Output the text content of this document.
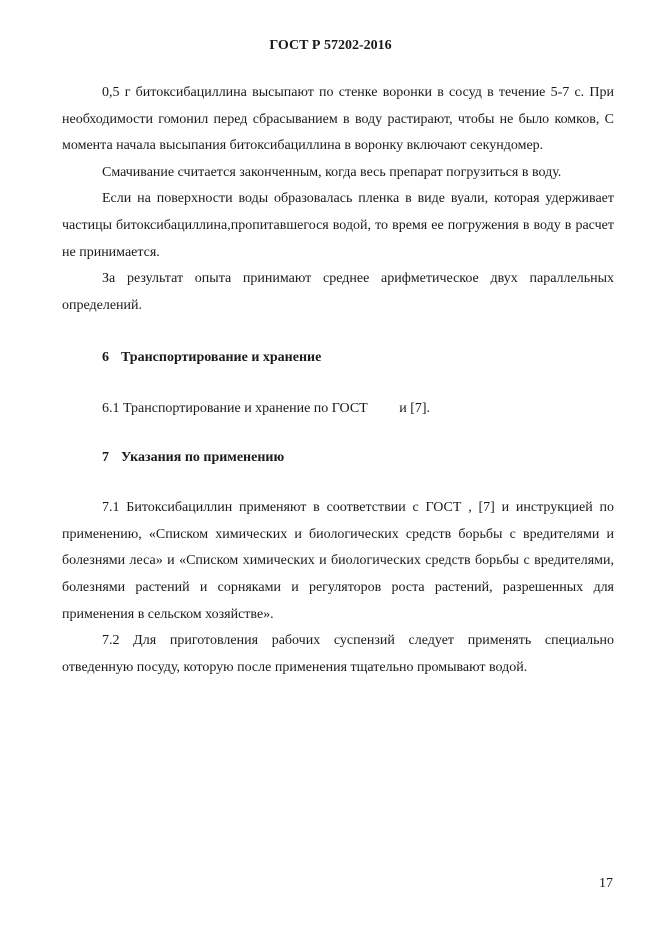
ГОСТ Р 57202-2016

0,5 г битоксибациллина высыпают по стенке воронки в сосуд в течение 5-7 с. При необходимости гомонил перед сбрасыванием в воду растирают, чтобы не было комков, С момента начала высыпания битоксибациллина в воронку включают секундомер.

Смачивание считается законченным, когда весь препарат погрузиться в воду.

Если на поверхности воды образовалась пленка в виде вуали, которая удерживает частицы битоксибациллина,пропитавшегося водой, то время ее погружения в воду в расчет не принимается.

За результат опыта принимают среднее арифметическое двух параллельных определений.

6 Транспортирование и хранение

6.1 Транспортирование и хранение по ГОСТ         и [7].

7 Указания по применению

7.1 Битоксибациллин применяют в соответствии с ГОСТ , [7] и инструкцией по применению, «Списком химических и биологических средств борьбы с вредителями и болезнями леса» и «Списком химических и биологических средств борьбы с вредителями, болезнями растений и сорняками и регуляторов роста растений, разрешенных для применения в сельском хозяйстве».

7.2 Для приготовления рабочих суспензий следует применять специально отведенную посуду, которую после применения тщательно промывают водой.

17
